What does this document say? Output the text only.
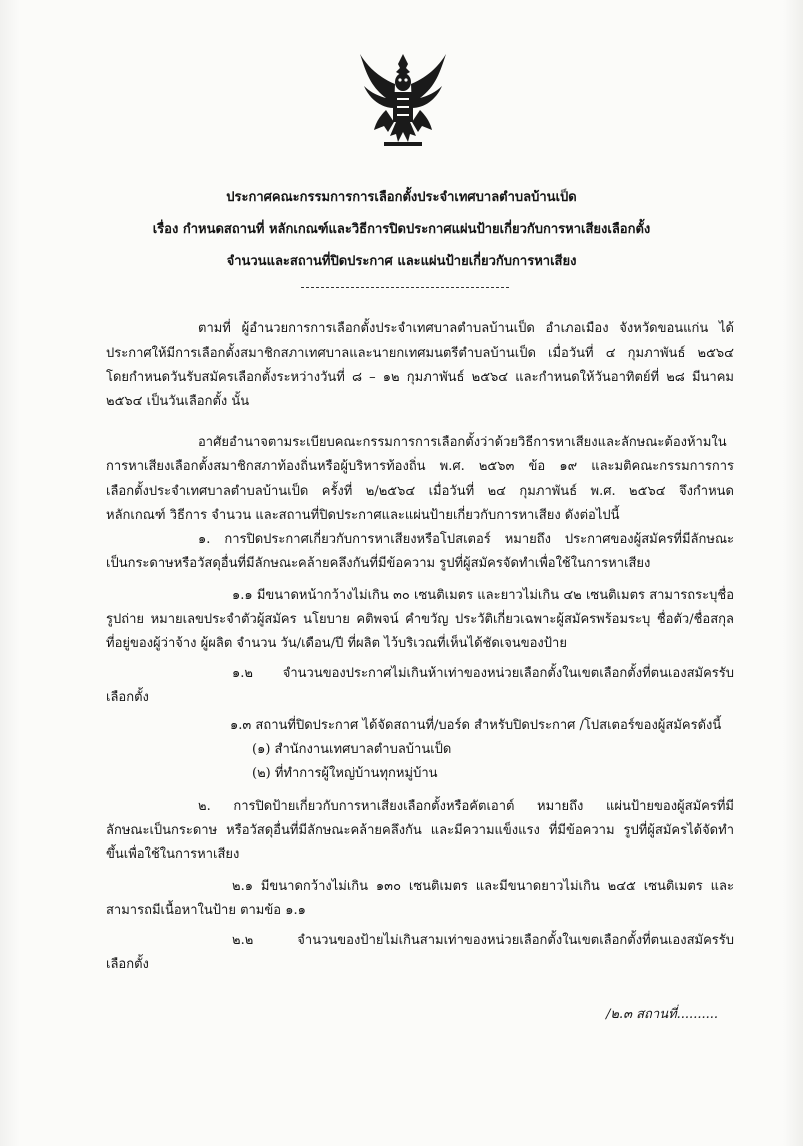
ประกาศคณะกรรมการการเลือกตั้งประจำเทศบาลตำบลบ้านเป็ด
เรื่อง กำหนดสถานที่ หลักเกณฑ์และวิธีการปิดประกาศแผ่นป้ายเกี่ยวกับการหาเสียงเลือกตั้ง
จำนวนและสถานที่ปิดประกาศ และแผ่นป้ายเกี่ยวกับการหาเสียง
ตามที่ ผู้อำนวยการการเลือกตั้งประจำเทศบาลตำบลบ้านเป็ด อำเภอเมือง จังหวัดขอนแก่น ได้
ประกาศให้มีการเลือกตั้งสมาชิกสภาเทศบาลและนายกเทศมนตรีตำบลบ้านเป็ด เมื่อวันที่ ๔ กุมภาพันธ์ ๒๕๖๔
โดยกำหนดวันรับสมัครเลือกตั้งระหว่างวันที่ ๘ – ๑๒ กุมภาพันธ์ ๒๕๖๔ และกำหนดให้วันอาทิตย์ที่ ๒๘ มีนาคม
๒๕๖๔ เป็นวันเลือกตั้ง นั้น
อาศัยอำนาจตามระเบียบคณะกรรมการการเลือกตั้งว่าด้วยวิธีการหาเสียงและลักษณะต้องห้ามใน
การหาเสียงเลือกตั้งสมาชิกสภาท้องถิ่นหรือผู้บริหารท้องถิ่น พ.ศ. ๒๕๖๓ ข้อ ๑๙ และมติคณะกรรมการการ
เลือกตั้งประจำเทศบาลตำบลบ้านเป็ด ครั้งที่ ๒/๒๕๖๔ เมื่อวันที่ ๒๔ กุมภาพันธ์ พ.ศ. ๒๕๖๔ จึงกำหนด
หลักเกณฑ์ วิธีการ จำนวน และสถานที่ปิดประกาศและแผ่นป้ายเกี่ยวกับการหาเสียง ดังต่อไปนี้
๑. การปิดประกาศเกี่ยวกับการหาเสียงหรือโปสเตอร์ หมายถึง ประกาศของผู้สมัครที่มีลักษณะ
เป็นกระดาษหรือวัสดุอื่นที่มีลักษณะคล้ายคลึงกันที่มีข้อความ รูปที่ผู้สมัครจัดทำเพื่อใช้ในการหาเสียง
๑.๑ มีขนาดหน้ากว้างไม่เกิน ๓๐ เซนติเมตร และยาวไม่เกิน ๔๒ เซนติเมตร สามารถระบุชื่อ
รูปถ่าย หมายเลขประจำตัวผู้สมัคร นโยบาย คติพจน์ คำขวัญ ประวัติเกี่ยวเฉพาะผู้สมัครพร้อมระบุ ชื่อตัว/ชื่อสกุล
ที่อยู่ของผู้ว่าจ้าง ผู้ผลิต จำนวน วัน/เดือน/ปี ที่ผลิต ไว้บริเวณที่เห็นได้ชัดเจนของป้าย
๑.๒ จำนวนของประกาศไม่เกินห้าเท่าของหน่วยเลือกตั้งในเขตเลือกตั้งที่ตนเองสมัครรับ
เลือกตั้ง
๑.๓ สถานที่ปิดประกาศ ได้จัดสถานที่/บอร์ด สำหรับปิดประกาศ /โปสเตอร์ของผู้สมัครดังนี้
(๑) สำนักงานเทศบาลตำบลบ้านเป็ด
(๒) ที่ทำการผู้ใหญ่บ้านทุกหมู่บ้าน
๒. การปิดป้ายเกี่ยวกับการหาเสียงเลือกตั้งหรือคัตเอาต์ หมายถึง แผ่นป้ายของผู้สมัครที่มี
ลักษณะเป็นกระดาษ หรือวัสดุอื่นที่มีลักษณะคล้ายคลึงกัน และมีความแข็งแรง ที่มีข้อความ รูปที่ผู้สมัครได้จัดทำ
ขึ้นเพื่อใช้ในการหาเสียง
๒.๑ มีขนาดกว้างไม่เกิน ๑๓๐ เซนติเมตร และมีขนาดยาวไม่เกิน ๒๔๕ เซนติเมตร และ
สามารถมีเนื้อหาในป้าย ตามข้อ ๑.๑
๒.๒ จำนวนของป้ายไม่เกินสามเท่าของหน่วยเลือกตั้งในเขตเลือกตั้งที่ตนเองสมัครรับ
เลือกตั้ง
/๒.๓ สถานที่..........
